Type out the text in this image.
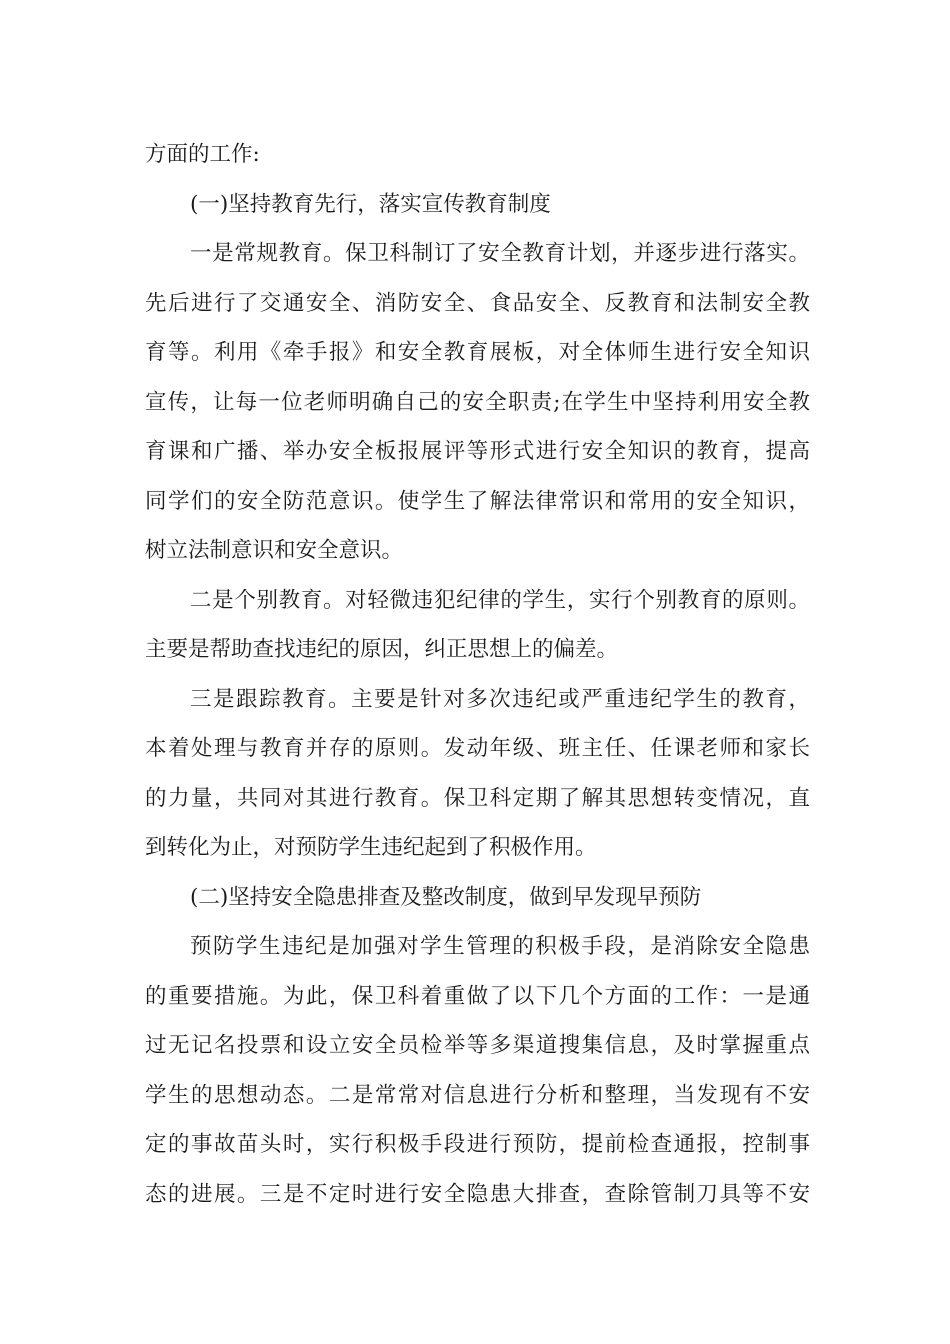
方面的工作:
(一)坚持教育先行，落实宣传教育制度
一是常规教育。保卫科制订了安全教育计划，并逐步进行落实。
先后进行了交通安全、消防安全、食品安全、反教育和法制安全教
育等。利用《牵手报》和安全教育展板，对全体师生进行安全知识
宣传，让每一位老师明确自己的安全职责;在学生中坚持利用安全教
育课和广播、举办安全板报展评等形式进行安全知识的教育，提高
同学们的安全防范意识。使学生了解法律常识和常用的安全知识，
树立法制意识和安全意识。
二是个别教育。对轻微违犯纪律的学生，实行个别教育的原则。
主要是帮助查找违纪的原因，纠正思想上的偏差。
三是跟踪教育。主要是针对多次违纪或严重违纪学生的教育，
本着处理与教育并存的原则。发动年级、班主任、任课老师和家长
的力量，共同对其进行教育。保卫科定期了解其思想转变情况，直
到转化为止，对预防学生违纪起到了积极作用。
(二)坚持安全隐患排查及整改制度，做到早发现早预防
预防学生违纪是加强对学生管理的积极手段，是消除安全隐患
的重要措施。为此，保卫科着重做了以下几个方面的工作：一是通
过无记名投票和设立安全员检举等多渠道搜集信息，及时掌握重点
学生的思想动态。二是常常对信息进行分析和整理，当发现有不安
定的事故苗头时，实行积极手段进行预防，提前检查通报，控制事
态的进展。三是不定时进行安全隐患大排查，查除管制刀具等不安
